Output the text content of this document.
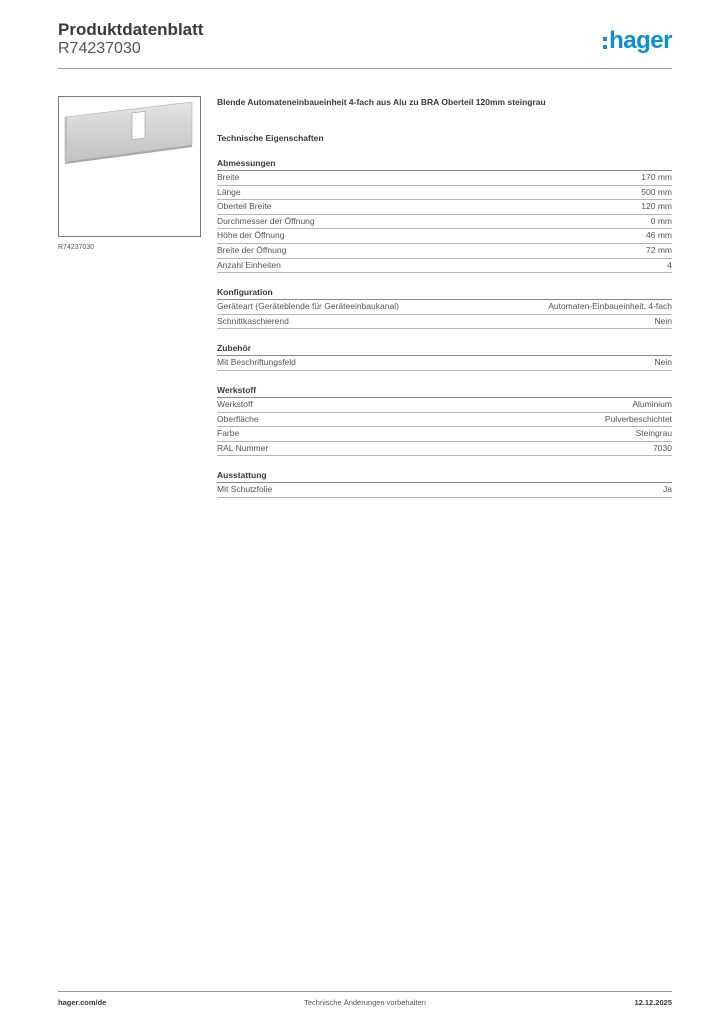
Produktdatenblatt
R74237030	hager
R74237030
Blende Automateneinbaueinheit 4-fach aus Alu zu BRA Oberteil 120mm steingrau
Technische Eigenschaften
Abmessungen
Breite	170 mm
Länge	500 mm
Oberteil Breite	120 mm
Durchmesser der Öffnung	0 mm
Höhe der Öffnung	46 mm
Breite der Öffnung	72 mm
Anzahl Einheiten	4
Konfiguration
Geräteart (Geräteblende für Geräteeinbaukanal)	Automaten-Einbaueinheit, 4-fach
Schnittkaschierend	Nein
Zubehör
Mit Beschriftungsfeld	Nein
Werkstoff
Werkstoff	Aluminium
Oberfläche	Pulverbeschichtet
Farbe	Steingrau
RAL Nummer	7030
Ausstattung
Mit Schutzfolie	Ja
hager.com/de	Technische Änderungen vorbehalten	12.12.2025
